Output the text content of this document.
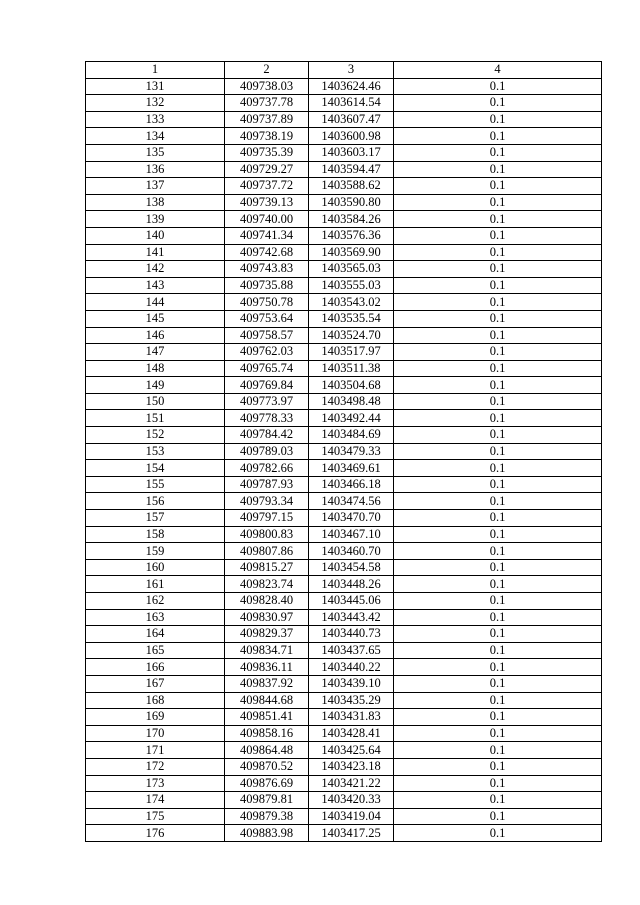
1	2	3	4
131	409738.03	1403624.46	0.1
132	409737.78	1403614.54	0.1
133	409737.89	1403607.47	0.1
134	409738.19	1403600.98	0.1
135	409735.39	1403603.17	0.1
136	409729.27	1403594.47	0.1
137	409737.72	1403588.62	0.1
138	409739.13	1403590.80	0.1
139	409740.00	1403584.26	0.1
140	409741.34	1403576.36	0.1
141	409742.68	1403569.90	0.1
142	409743.83	1403565.03	0.1
143	409735.88	1403555.03	0.1
144	409750.78	1403543.02	0.1
145	409753.64	1403535.54	0.1
146	409758.57	1403524.70	0.1
147	409762.03	1403517.97	0.1
148	409765.74	1403511.38	0.1
149	409769.84	1403504.68	0.1
150	409773.97	1403498.48	0.1
151	409778.33	1403492.44	0.1
152	409784.42	1403484.69	0.1
153	409789.03	1403479.33	0.1
154	409782.66	1403469.61	0.1
155	409787.93	1403466.18	0.1
156	409793.34	1403474.56	0.1
157	409797.15	1403470.70	0.1
158	409800.83	1403467.10	0.1
159	409807.86	1403460.70	0.1
160	409815.27	1403454.58	0.1
161	409823.74	1403448.26	0.1
162	409828.40	1403445.06	0.1
163	409830.97	1403443.42	0.1
164	409829.37	1403440.73	0.1
165	409834.71	1403437.65	0.1
166	409836.11	1403440.22	0.1
167	409837.92	1403439.10	0.1
168	409844.68	1403435.29	0.1
169	409851.41	1403431.83	0.1
170	409858.16	1403428.41	0.1
171	409864.48	1403425.64	0.1
172	409870.52	1403423.18	0.1
173	409876.69	1403421.22	0.1
174	409879.81	1403420.33	0.1
175	409879.38	1403419.04	0.1
176	409883.98	1403417.25	0.1
